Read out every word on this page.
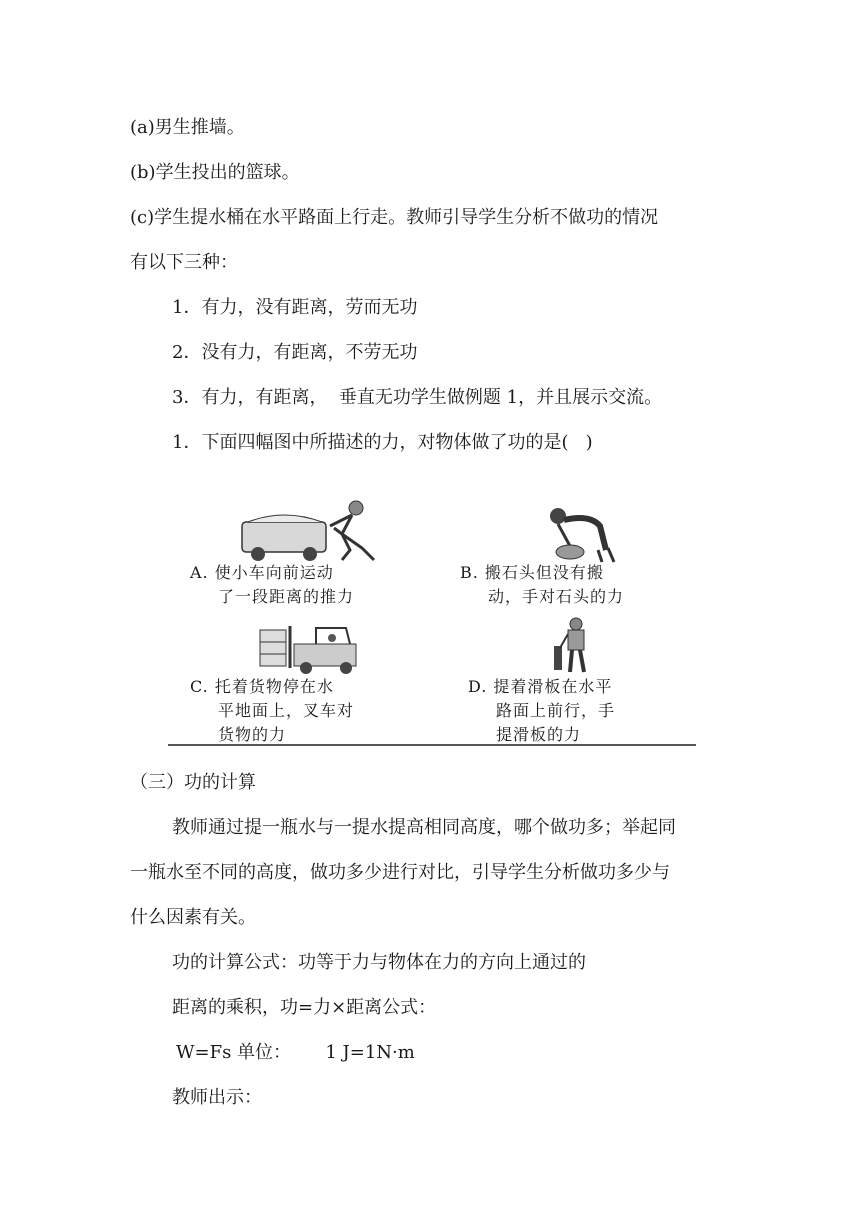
(a)男生推墙。
(b)学生投出的篮球。
(c)学生提水桶在水平路面上行走。教师引导学生分析不做功的情况
有以下三种：
1．有力，没有距离，劳而无功
2．没有力，有距离，不劳无功
3．有力，有距离，  垂直无功学生做例题 1，并且展示交流。
1．下面四幅图中所描述的力，对物体做了功的是(   )
A. 使小车向前运动
了一段距离的推力
B. 搬石头但没有搬
动，手对石头的力
C. 托着货物停在水
平地面上，叉车对
货物的力
D. 提着滑板在水平
路面上前行，手
提滑板的力
（三）功的计算
教师通过提一瓶水与一提水提高相同高度，哪个做功多；举起同
一瓶水至不同的高度，做功多少进行对比，引导学生分析做功多少与
什么因素有关。
功的计算公式：功等于力与物体在力的方向上通过的
距离的乘积，功=力×距离公式：
W=Fs 单位：      1 J=1N·m
教师出示：
